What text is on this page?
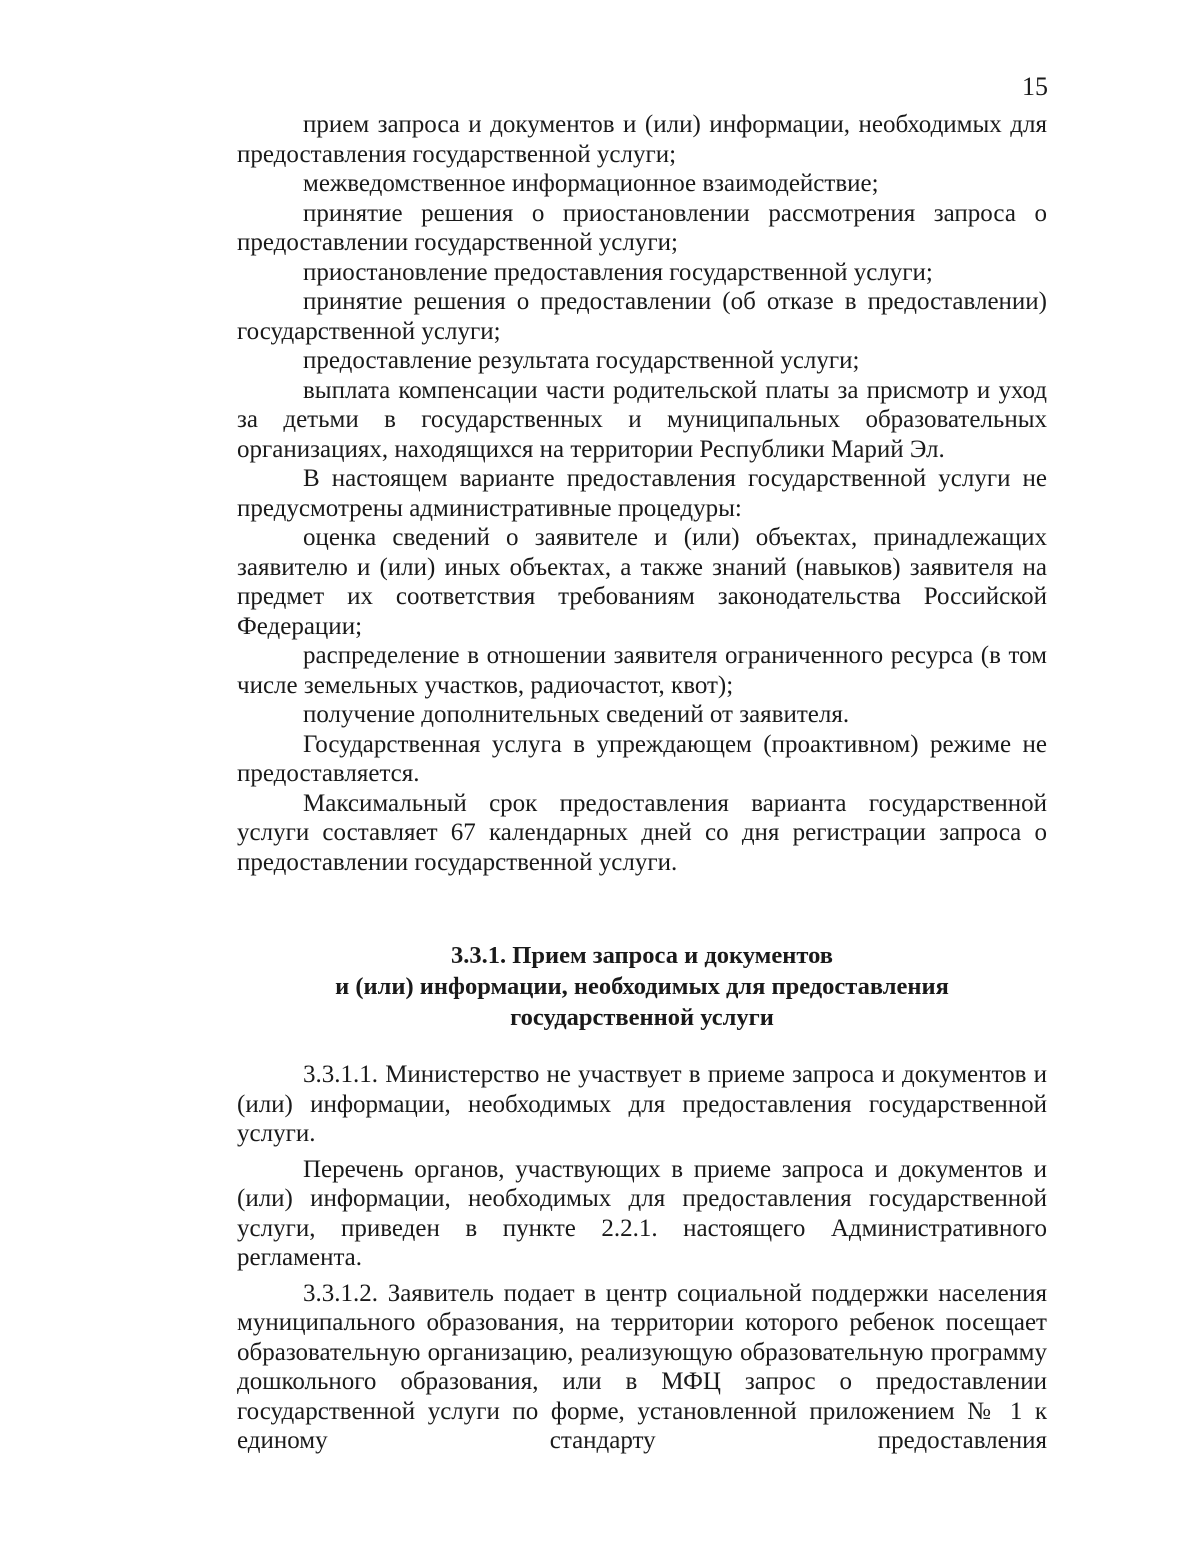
15

прием запроса и документов и (или) информации, необходимых для предоставления государственной услуги;

межведомственное информационное взаимодействие;

принятие решения о приостановлении рассмотрения запроса о предоставлении государственной услуги;

приостановление предоставления государственной услуги;

принятие решения о предоставлении (об отказе в предоставлении) государственной услуги;

предоставление результата государственной услуги;

выплата компенсации части родительской платы за присмотр и уход за детьми в государственных и муниципальных образовательных организациях, находящихся на территории Республики Марий Эл.

В настоящем варианте предоставления государственной услуги не предусмотрены административные процедуры:

оценка сведений о заявителе и (или) объектах, принадлежащих заявителю и (или) иных объектах, а также знаний (навыков) заявителя на предмет их соответствия требованиям законодательства Российской Федерации;

распределение в отношении заявителя ограниченного ресурса (в том числе земельных участков, радиочастот, квот);

получение дополнительных сведений от заявителя.

Государственная услуга в упреждающем (проактивном) режиме не предоставляется.

Максимальный срок предоставления варианта государственной услуги составляет 67 календарных дней со дня регистрации запроса о предоставлении государственной услуги.

3.3.1. Прием запроса и документов
и (или) информации, необходимых для предоставления
государственной услуги

3.3.1.1. Министерство не участвует в приеме запроса и документов и (или) информации, необходимых для предоставления государственной услуги.

Перечень органов, участвующих в приеме запроса и документов и (или) информации, необходимых для предоставления государственной услуги, приведен в пункте 2.2.1. настоящего Административного регламента.

3.3.1.2. Заявитель подает в центр социальной поддержки населения муниципального образования, на территории которого ребенок посещает образовательную организацию, реализующую образовательную программу дошкольного образования, или в МФЦ запрос о предоставлении государственной услуги по форме, установленной приложением № 1 к единому стандарту предоставления
